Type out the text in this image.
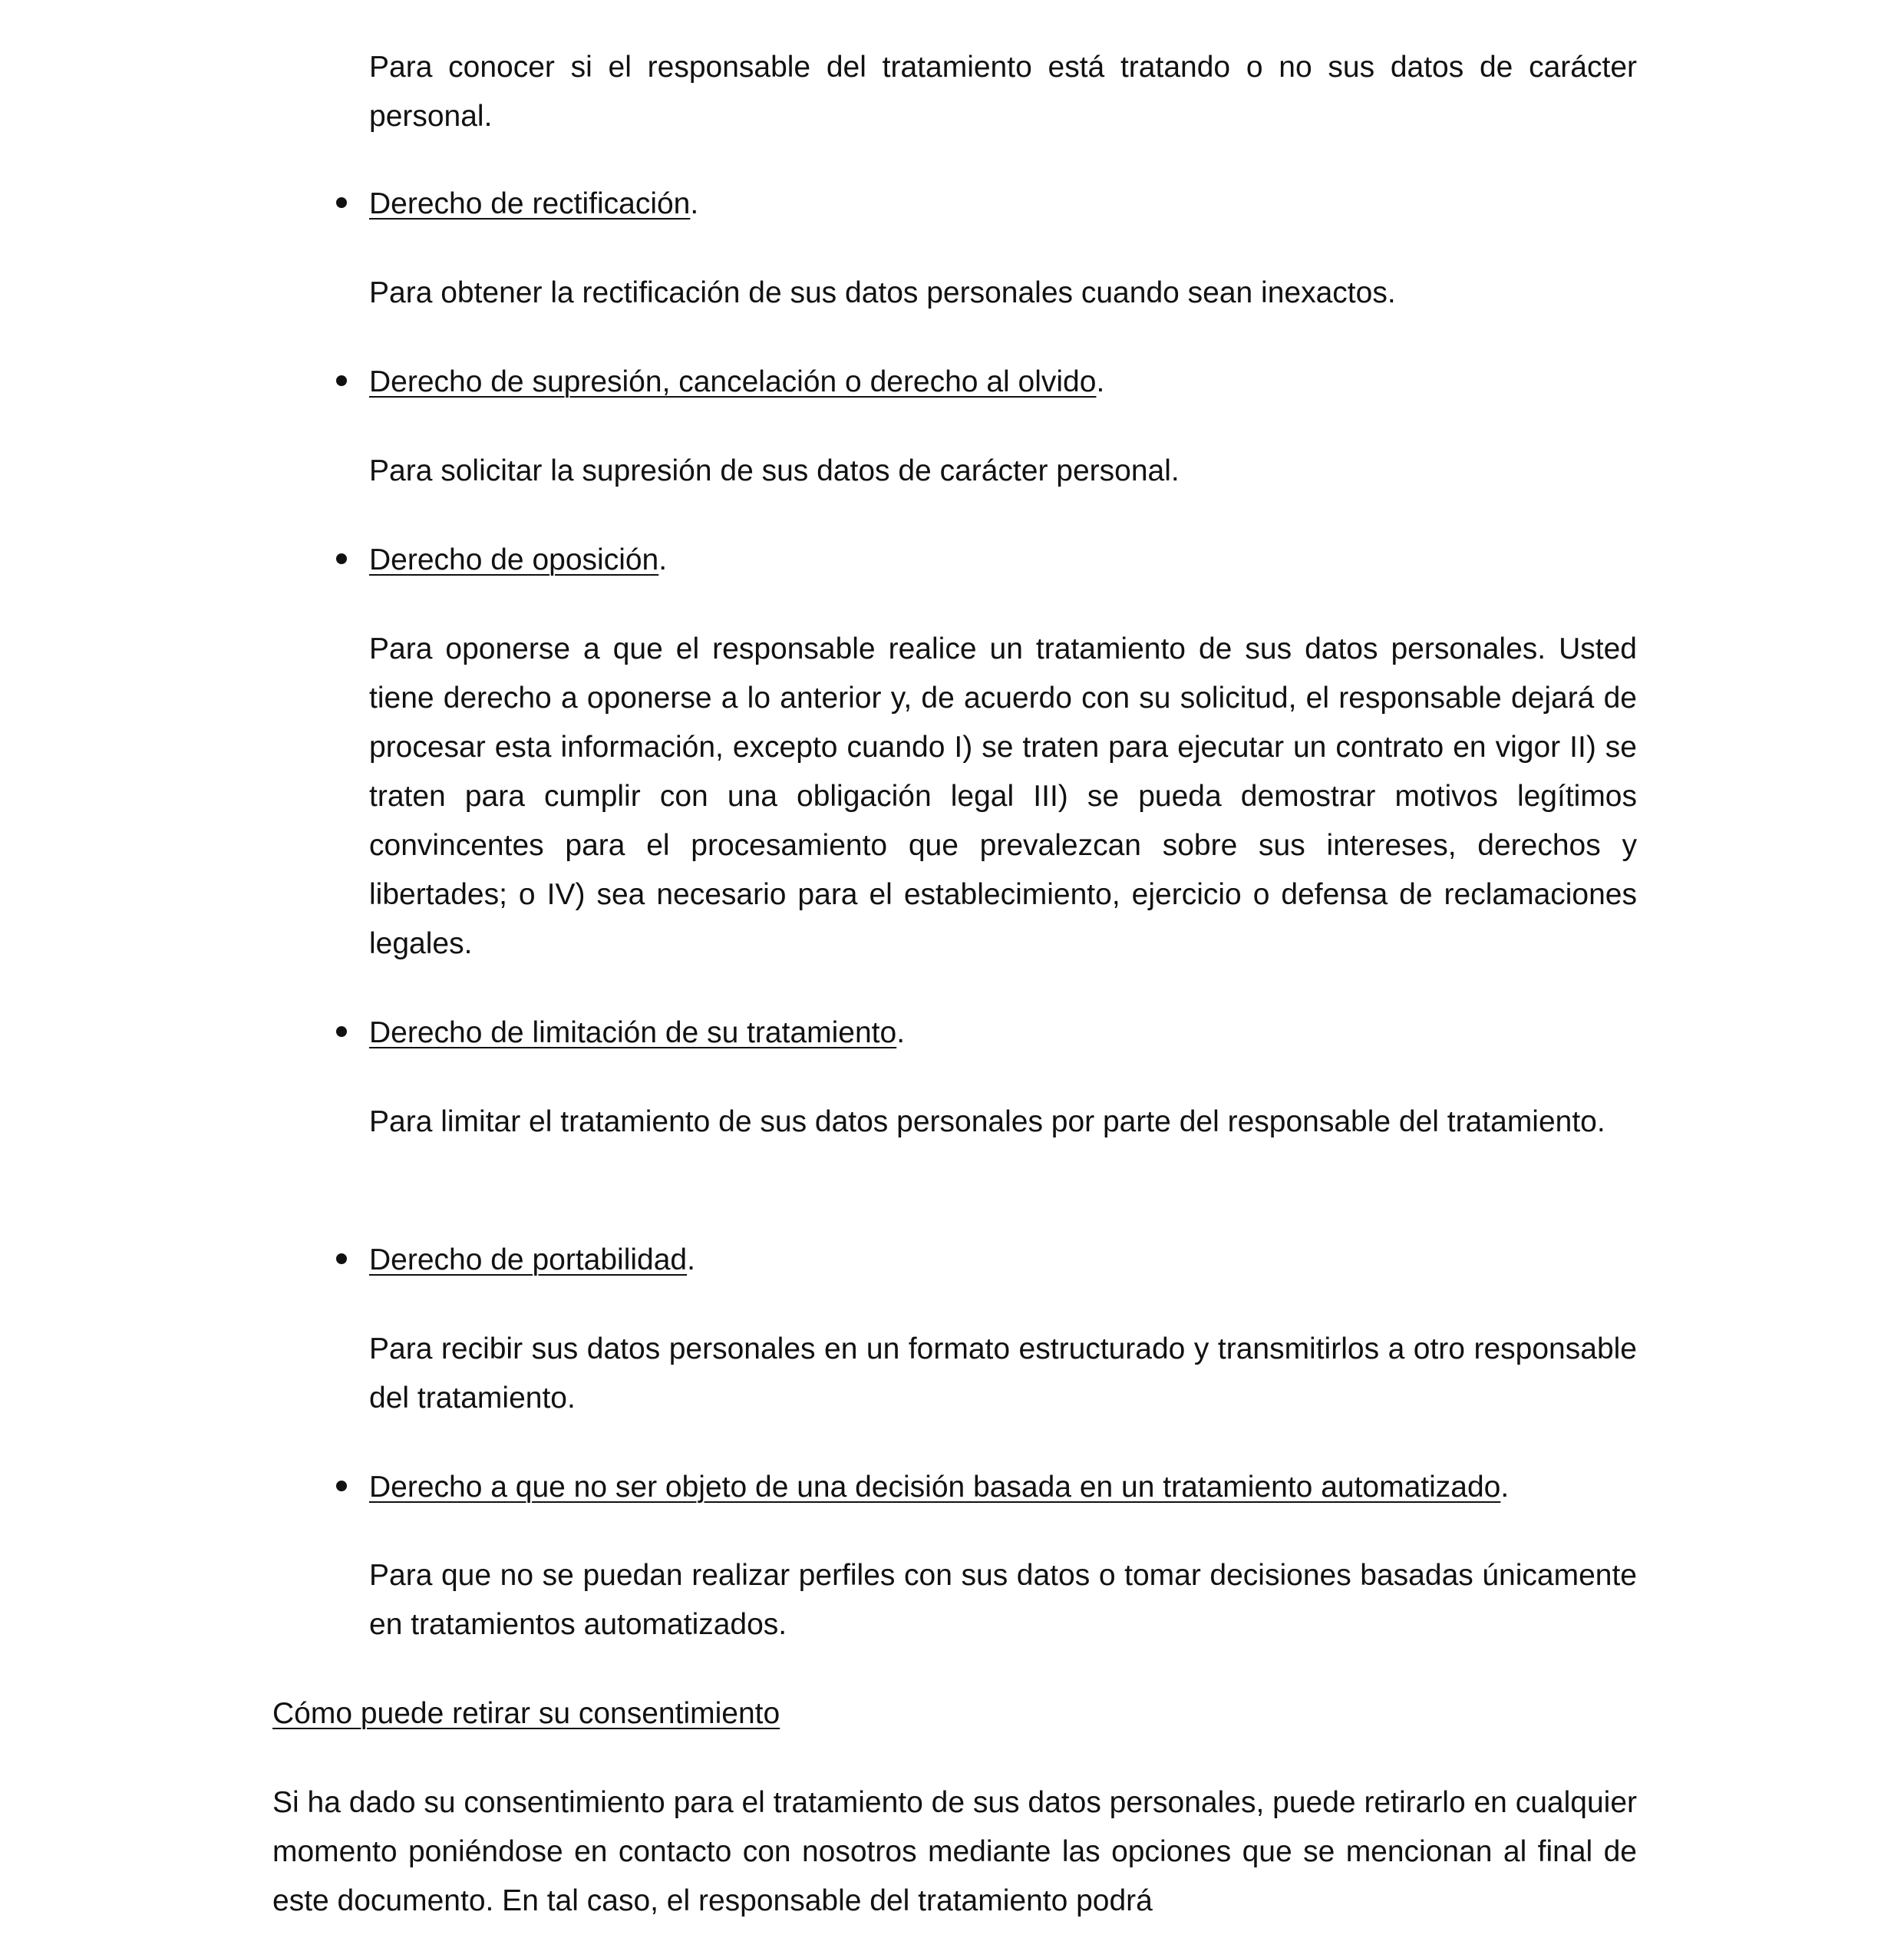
Para conocer si el responsable del tratamiento está tratando o no sus datos de carácter personal.

Derecho de rectificación.

Para obtener la rectificación de sus datos personales cuando sean inexactos.

Derecho de supresión, cancelación o derecho al olvido.

Para solicitar la supresión de sus datos de carácter personal.

Derecho de oposición.

Para oponerse a que el responsable realice un tratamiento de sus datos personales. Usted tiene derecho a oponerse a lo anterior y, de acuerdo con su solicitud, el responsable dejará de procesar esta información, excepto cuando I) se traten para ejecutar un contrato en vigor II) se traten para cumplir con una obligación legal III) se pueda demostrar motivos legítimos convincentes para el procesamiento que prevalezcan sobre sus intereses, derechos y libertades; o IV) sea necesario para el establecimiento, ejercicio o defensa de reclamaciones legales.

Derecho de limitación de su tratamiento.

Para limitar el tratamiento de sus datos personales por parte del responsable del tratamiento.

Derecho de portabilidad.

Para recibir sus datos personales en un formato estructurado y transmitirlos a otro responsable del tratamiento.

Derecho a que no ser objeto de una decisión basada en un tratamiento automatizado.

Para que no se puedan realizar perfiles con sus datos o tomar decisiones basadas únicamente en tratamientos automatizados.

Cómo puede retirar su consentimiento

Si ha dado su consentimiento para el tratamiento de sus datos personales, puede retirarlo en cualquier momento poniéndose en contacto con nosotros mediante las opciones que se mencionan al final de este documento. En tal caso, el responsable del tratamiento podrá
